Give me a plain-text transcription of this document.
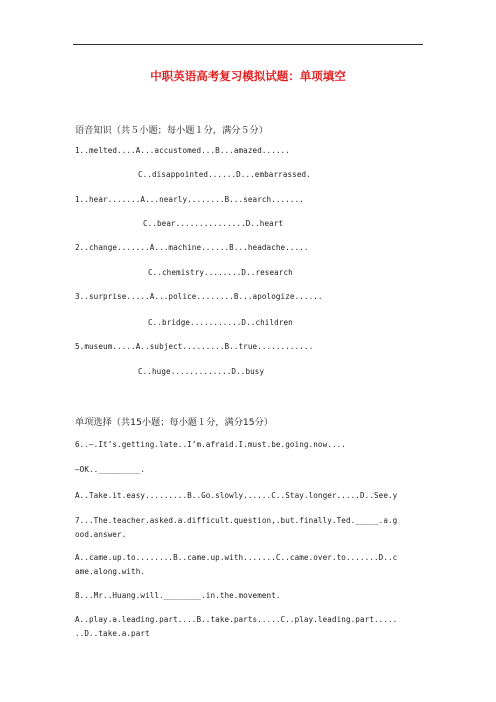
中职英语高考复习模拟试题：单项填空
语音知识（共５小题；每小题１分，满分５分）
1..melted....A...accustomed...B...amazed......
C..disappointed......D...embarrassed.
1..hear.......A...nearly........B...search.......
C..bear...............D..heart
2..change.......A...machine......B...headache.....
C..chemistry........D..research
3..surprise.....A...police........B...apologize......
C..bridge...........D..children
5.museum.....A..subject.........B..true............
C..huge.............D..busy
单项选择（共15小题；每小题１分，满分15分）
6..—.It’s.getting.late..I’m.afraid.I.must.be.going.now....
—OK.._________.
A..Take.it.easy.........B..Go.slowly......C..Stay.longer.....D..See.y
7...The.teacher.asked.a.difficult.question,.but.finally.Ted._____.a.g
ood.answer.
A..came.up.to........B..came.up.with.......C..came.over.to.......D..c
ame.along.with.
8...Mr..Huang.will.________.in.the.movement.
A..play.a.leading.part....B..take.parts.....C..play.leading.part.....
..D..take.a.part
